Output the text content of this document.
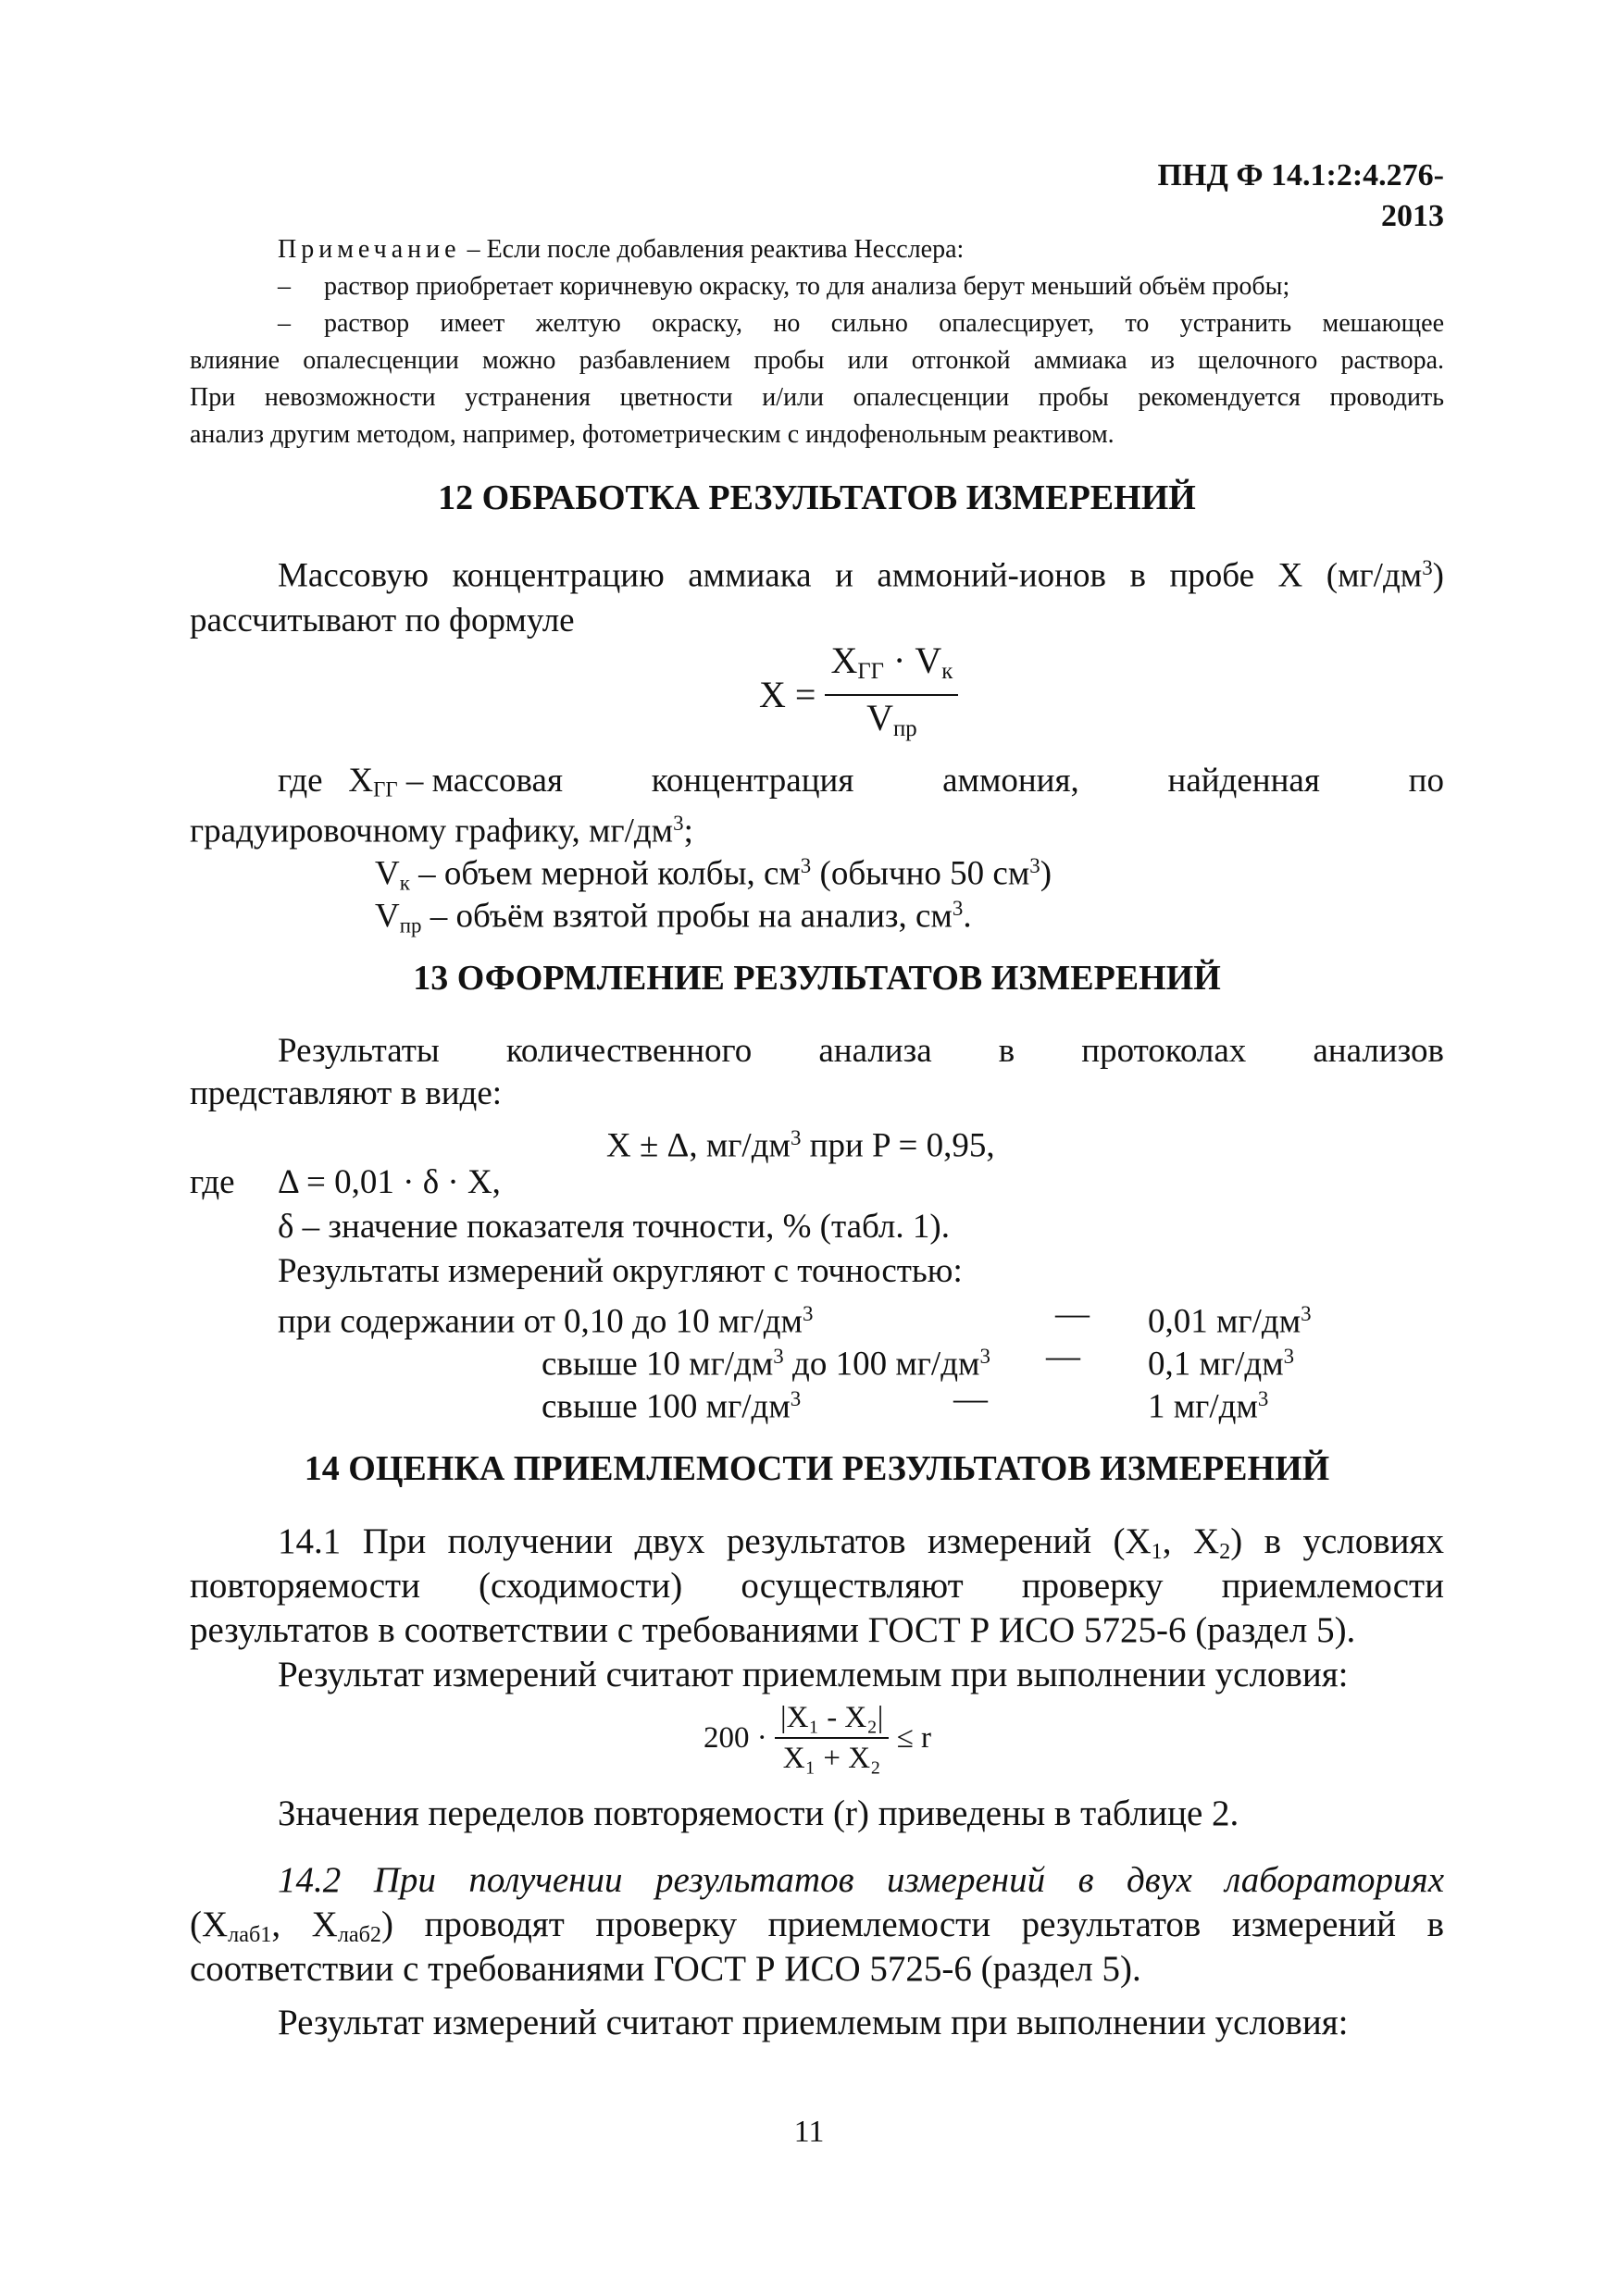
ПНД Ф 14.1:2:4.276-2013
Примечание – Если после добавления реактива Несслера:
– раствор приобретает коричневую окраску, то для анализа берут меньший объём пробы;
– раствор имеет желтую окраску, но сильно опалесцирует, то устранить мешающее
влияние опалесценции можно разбавлением пробы или отгонкой аммиака из щелочного раствора.
При невозможности устранения цветности и/или опалесценции пробы рекомендуется проводить
анализ другим методом, например, фотометрическим с индофенольным реактивом.
12 ОБРАБОТКА РЕЗУЛЬТАТОВ ИЗМЕРЕНИЙ
Массовую концентрацию аммиака и аммоний-ионов в пробе X $(мг/дм^3)$
рассчитывают по формуле
$X = \frac{X_{ГГ} \cdot V_к}{V_{пр}}$
где $X_{ГГ}$ – массовая	концентрация	аммония,	найденная	по
градуировочному графику, $мг/дм^3$;
$V_к$ – объем мерной колбы, $см^3$ (обычно 50 $см^3$)
$V_{пр}$ – объём взятой пробы на анализ, $см^3$.
13 ОФОРМЛЕНИЕ РЕЗУЛЬТАТОВ ИЗМЕРЕНИЙ
Результаты количественного анализа в протоколах анализов
представляют в виде:
X ± Δ, $мг/дм^3$ при P = 0,95,
где Δ = 0,01 · δ · X,
δ – значение показателя точности, % (табл. 1).
Результаты измерений округляют с точностью:
при содержании от 0,10 до 10 $мг/дм^3$	— 0,01 $мг/дм^3$
свыше 10 $мг/дм^3$ до 100 $мг/дм^3$ — 0,1 $мг/дм^3$
свыше 100 $мг/дм^3$	—	1 $мг/дм^3$
14 ОЦЕНКА ПРИЕМЛЕМОСТИ РЕЗУЛЬТАТОВ ИЗМЕРЕНИЙ
14.1 При получении двух результатов измерений ($X_1$, $X_2$) в условиях
повторяемости (сходимости) осуществляют проверку приемлемости
результатов в соответствии с требованиями ГОСТ Р ИСО 5725-6 (раздел 5).
Результат измерений считают приемлемым при выполнении условия:
$200 \cdot \frac{\text{|X₁ - X₂|}}{\text{X₁ + X₂}} \le r$
Значения переделов повторяемости (r) приведены в таблице 2.
14.2 При получении результатов измерений в двух лабораториях
($X_{лаб1}$, $X_{лаб2}$) проводят проверку приемлемости результатов измерений в
соответствии с требованиями ГОСТ Р ИСО 5725-6 (раздел 5).
Результат измерений считают приемлемым при выполнении условия:
11
